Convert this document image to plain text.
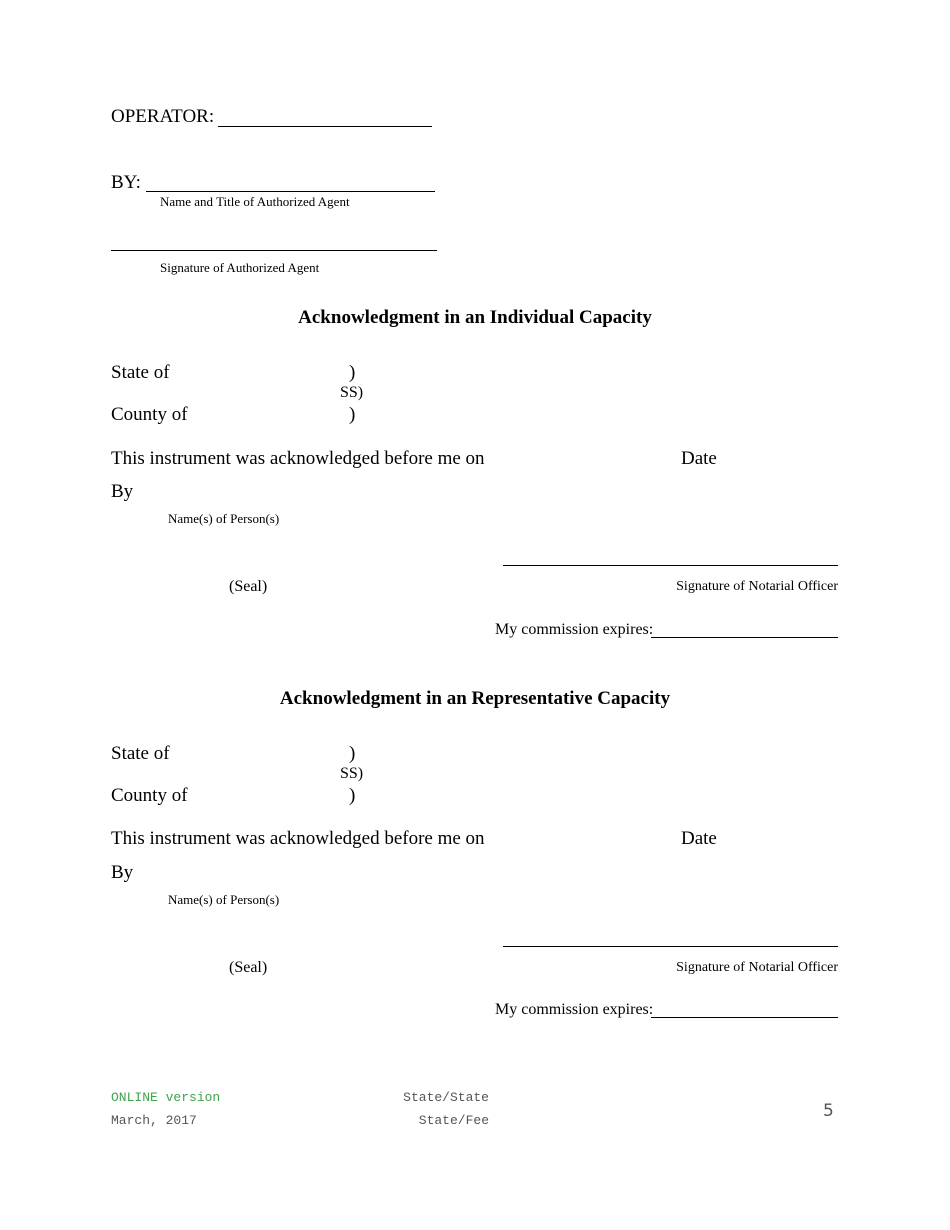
OPERATOR:
BY:
Name and Title of Authorized Agent
Signature of Authorized Agent
Acknowledgment in an Individual Capacity
State of	)
SS)
County of	)
This instrument was acknowledged before me on	Date
By
Name(s) of Person(s)
(Seal)	Signature of Notarial Officer
My commission expires:
Acknowledgment in an Representative Capacity
State of	)
SS)
County of	)
This instrument was acknowledged before me on	Date
By
Name(s) of Person(s)
(Seal)	Signature of Notarial Officer
My commission expires:
ONLINE version
March, 2017
State/State
State/Fee	5
